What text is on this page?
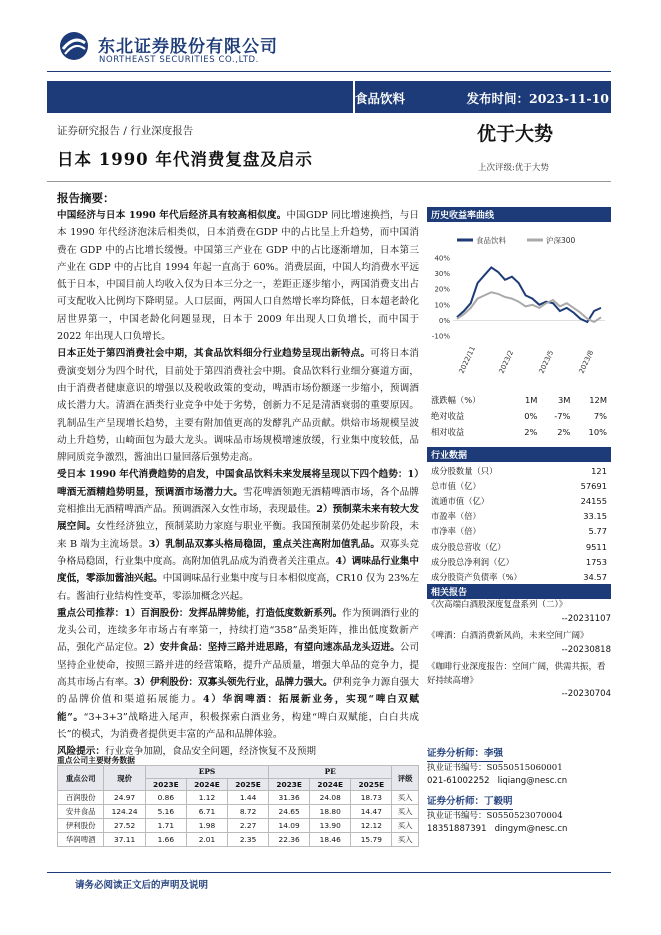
东北证券股份有限公司
NORTHEAST SECURITIES CO.,LTD.
食品饮料	发布时间：2023-11-10
证券研究报告 / 行业深度报告	优于大势
日本 1990 年代消费复盘及启示	上次评级:优于大势
报告摘要：

中国经济与日本 1990 年代后经济具有较高相似度。中国GDP 同比增速换挡，与日本 1990 年代经济泡沫后相类似，日本消费在GDP 中的占比呈上升趋势，而中国消费在 GDP 中的占比增长缓慢。中国第三产业在 GDP 中的占比逐渐增加，日本第三产业在 GDP 中的占比自 1994 年起一直高于 60%。消费层面，中国人均消费水平远低于日本，中国目前人均收入仅为日本三分之一，差距正逐步缩小，两国消费支出占可支配收入比例均下降明显。人口层面，两国人口自然增长率均降低，日本超老龄化居世界第一，中国老龄化问题显现，日本于 2009 年出现人口负增长，而中国于 2022 年出现人口负增长。

日本正处于第四消费社会中期，其食品饮料细分行业趋势呈现出新特点。可将日本消费演变划分为四个时代，目前处于第四消费社会中期。食品饮料行业细分赛道方面，由于消费者健康意识的增强以及税收政策的变动，啤酒市场份额逐一步缩小，预调酒成长潜力大。清酒在酒类行业竞争中处于劣势，创新力不足是清酒衰弱的重要原因。乳制品生产呈现增长趋势，主要有附加值更高的发酵乳产品贡献。烘焙市场规模呈波动上升趋势，山崎面包为最大龙头。调味品市场规模增速放缓，行业集中度较低，品牌同质竞争激烈，酱油出口量回落后强势走高。

受日本 1990 年代消费趋势的启发，中国食品饮料未来发展将呈现以下四个趋势：1）啤酒无酒精趋势明显，预调酒市场潜力大。雪花啤酒领跑无酒精啤酒市场，各个品牌竞相推出无酒精啤酒产品。预调酒深入女性市场，表现最佳。2）预制菜未来有较大发展空间。女性经济独立，预制菜助力家庭与职业平衡。我国预制菜仍处起步阶段，未来 B 端为主流场景。3）乳制品双寡头格局稳固，重点关注高附加值乳品。双寡头竞争格局稳固，行业集中度高。高附加值乳品成为消费者关注重点。4）调味品行业集中度低，零添加酱油兴起。中国调味品行业集中度与日本相似度高，CR10 仅为 23%左右。酱油行业结构性变革，零添加概念兴起。

重点公司推荐：1）百润股份：发挥品牌势能，打造低度数新系列。作为预调酒行业的龙头公司，连续多年市场占有率第一，持续打造“358”品类矩阵，推出低度数新产品，强化产品定位。2）安井食品：坚持三路并进思路，有望向速冻品龙头迈进。公司坚持企业使命，按照三路并进的经营策略，提升产品质量，增强大单品的竞争力，提高其市场占有率。3）伊利股份：双寡头领先行业，品牌力强大。伊利竞争力源自强大的品牌价值和渠道拓展能力。4）华润啤酒：拓展新业务，实现“啤白双赋能”。“3+3+3”战略进入尾声，积极探索白酒业务，构建“啤白双赋能，白白共成长”的模式，为消费者提供更丰富的产品和品牌体验。

风险提示：行业竞争加剧，食品安全问题，经济恢复不及预期

历史收益率曲线
食品饮料	沪深300
40%
30%
20%
10%
0%
-10%
2022/11	2023/2	2023/5	2023/8
涨跌幅（%）	1M	3M	12M
绝对收益	0%	-7%	7%
相对收益	2%	2%	10%
行业数据
成分股数量（只）	121
总市值（亿）	57691
流通市值（亿）	24155
市盈率（倍）	33.15
市净率（倍）	5.77
成分股总营收（亿）	9511
成分股总净利润（亿）	1753
成分股资产负债率（%）	34.57
相关报告
《次高端白酒股深度复盘系列（二）》
--20231107
《啤酒：白酒消费新风尚，未来空间广阔》
--20230818
《咖啡行业深度报告：空间广阔，供需共振，看好持续高增》
--20230704
证券分析师：李强
执业证书编号：S0550515060001
021-61002252 liqiang@nesc.cn
证券分析师：丁毅明
执业证书编号：S0550523070004
18351887391 dingym@nesc.cn
重点公司主要财务数据
重点公司	现价	EPS			PE			评级
		2023E	2024E	2025E	2023E	2024E	2025E	
百润股份	24.97	0.86	1.12	1.44	31.36	24.08	18.73	买入
安井食品	124.24	5.16	6.71	8.72	24.65	18.80	14.47	买入
伊利股份	27.52	1.71	1.98	2.27	14.09	13.90	12.12	买入
华润啤酒	37.11	1.66	2.01	2.35	22.36	18.46	15.79	买入
请务必阅读正文后的声明及说明
